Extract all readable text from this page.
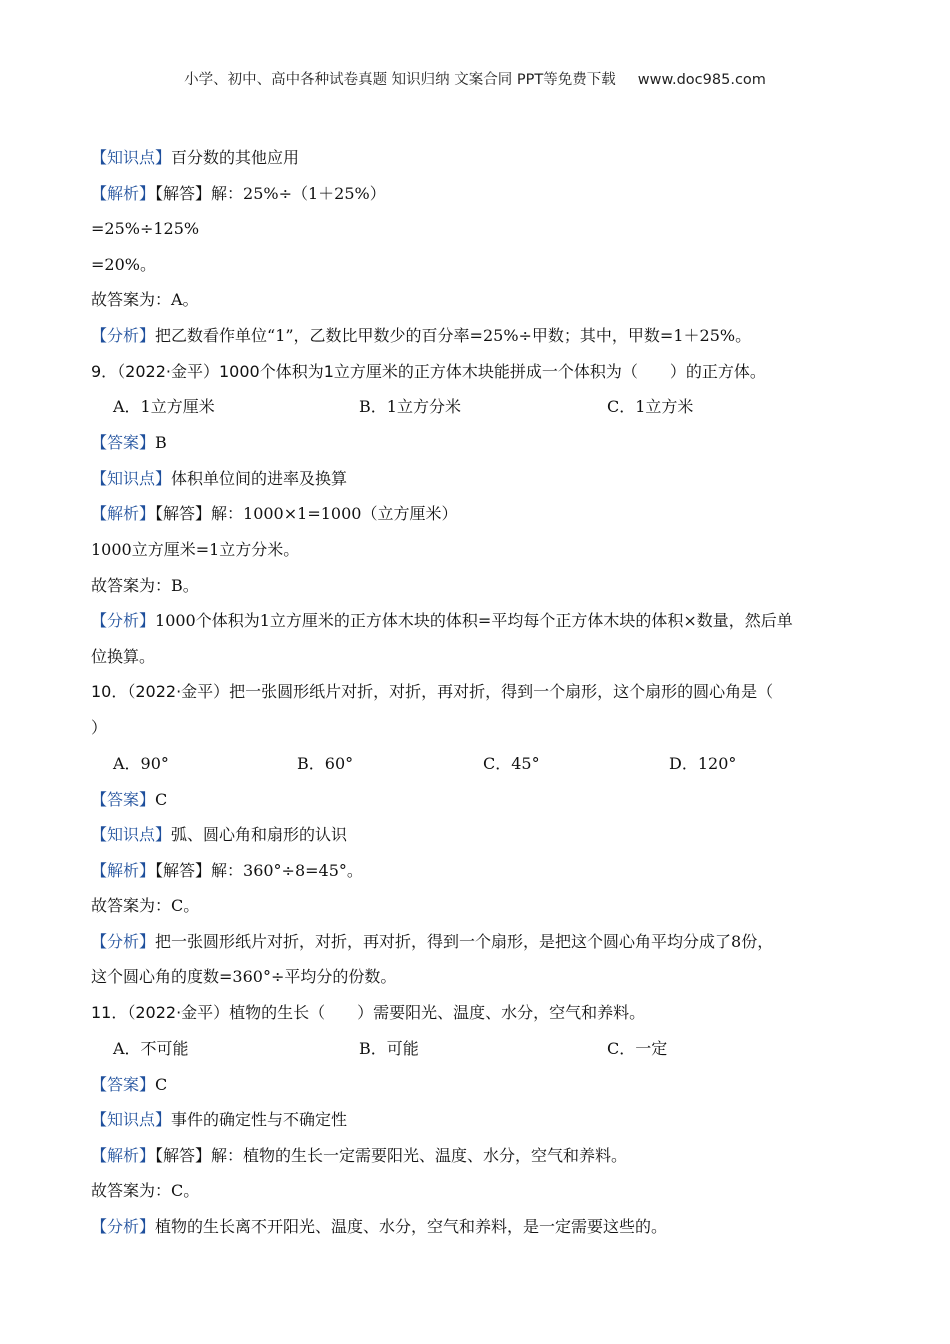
小学、初中、高中各种试卷真题 知识归纳 文案合同 PPT等免费下载 www.doc985.com
【知识点】百分数的其他应用
【解析】【解答】解：25%÷（1＋25%）
=25%÷125%
=20%。
故答案为：A。
【分析】把乙数看作单位“1”，乙数比甲数少的百分率=25%÷甲数；其中，甲数=1＋25%。
9．（2022·金平）1000个体积为1立方厘米的正方体木块能拼成一个体积为（　　）的正方体。
A．1立方厘米	B．1立方分米	C．1立方米
【答案】B
【知识点】体积单位间的进率及换算
【解析】【解答】解：1000×1=1000（立方厘米）
1000立方厘米=1立方分米。
故答案为：B。
【分析】1000个体积为1立方厘米的正方体木块的体积=平均每个正方体木块的体积×数量，然后单
位换算。
10．（2022·金平）把一张圆形纸片对折，对折，再对折，得到一个扇形，这个扇形的圆心角是（
）
A．90°	B．60°	C．45°	D．120°
【答案】C
【知识点】弧、圆心角和扇形的认识
【解析】【解答】解：360°÷8=45°。
故答案为：C。
【分析】把一张圆形纸片对折，对折，再对折，得到一个扇形，是把这个圆心角平均分成了8份，
这个圆心角的度数=360°÷平均分的份数。
11．（2022·金平）植物的生长（　　）需要阳光、温度、水分，空气和养料。
A．不可能	B．可能	C．一定
【答案】C
【知识点】事件的确定性与不确定性
【解析】【解答】解：植物的生长一定需要阳光、温度、水分，空气和养料。
故答案为：C。
【分析】植物的生长离不开阳光、温度、水分，空气和养料，是一定需要这些的。
